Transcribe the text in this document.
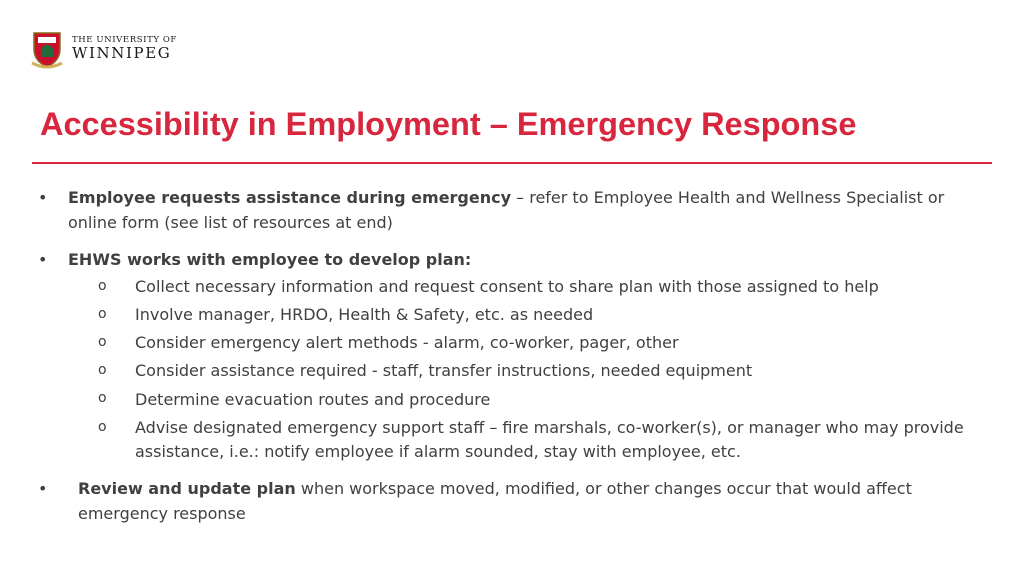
THE UNIVERSITY OF
WINNIPEG
Accessibility in Employment – Emergency Response
• Employee requests assistance during emergency – refer to Employee Health and Wellness Specialist or online form (see list of resources at end)
• EHWS works with employee to develop plan:
o Collect necessary information and request consent to share plan with those assigned to help
o Involve manager, HRDO, Health & Safety, etc. as needed
o Consider emergency alert methods - alarm, co-worker, pager, other
o Consider assistance required - staff, transfer instructions, needed equipment
o Determine evacuation routes and procedure
o Advise designated emergency support staff – fire marshals, co-worker(s), or manager who may provide assistance, i.e.: notify employee if alarm sounded, stay with employee, etc.
• Review and update plan when workspace moved, modified, or other changes occur that would affect emergency response
